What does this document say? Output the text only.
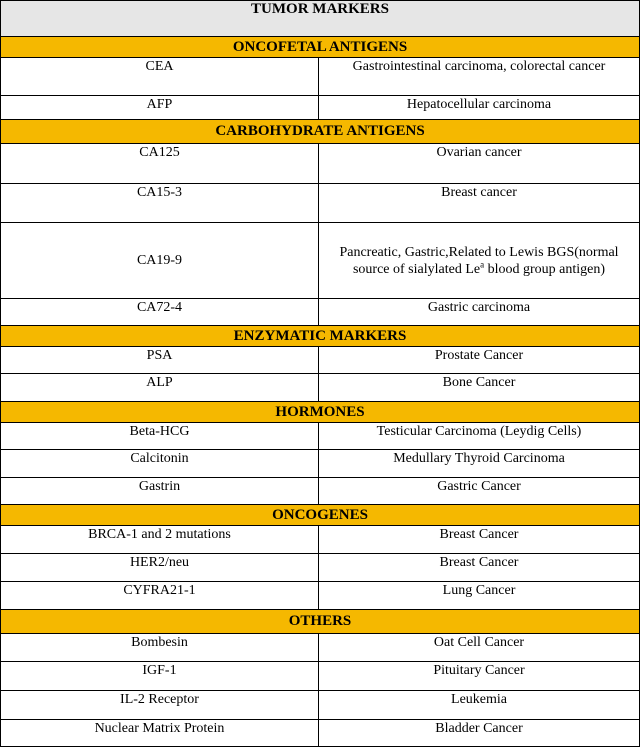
TUMOR MARKERS	
ONCOFETAL ANTIGENS	
CEA	Gastrointestinal carcinoma, colorectal cancer
AFP	Hepatocellular carcinoma
CARBOHYDRATE ANTIGENS	
CA125	Ovarian cancer
CA15-3	Breast cancer
CA19-9	Pancreatic, Gastric,Related to Lewis BGS(normal source of sialylated Le$^a$ blood group antigen)
CA72-4	Gastric carcinoma
ENZYMATIC MARKERS	
PSA	Prostate Cancer
ALP	Bone Cancer
HORMONES	
Beta-HCG	Testicular Carcinoma (Leydig Cells)
Calcitonin	Medullary Thyroid Carcinoma
Gastrin	Gastric Cancer
ONCOGENES	
BRCA-1 and 2 mutations	Breast Cancer
HER2/neu	Breast Cancer
CYFRA21-1	Lung Cancer
OTHERS	
Bombesin	Oat Cell Cancer
IGF-1	Pituitary Cancer
IL-2 Receptor	Leukemia
Nuclear Matrix Protein	Bladder Cancer
